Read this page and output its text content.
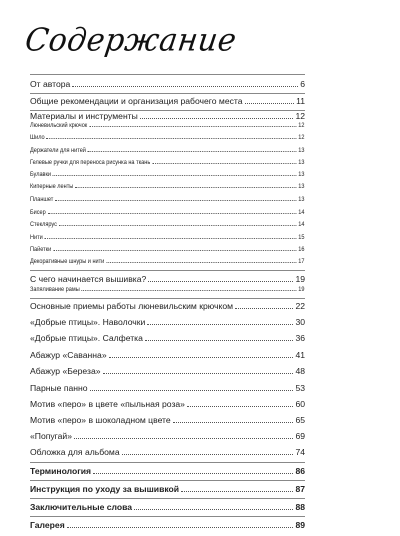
Содержание
От автора	6
Общие рекомендации и организация рабочего места	11
Материалы и инструменты	12
Люневильский крючок	12
Шило	12
Держатели для нитей	13
Гелевые ручки для переноса рисунка на ткань	13
Булавки	13
Киперные ленты	13
Планшет	13
Бисер	14
Стеклярус	14
Нити	15
Пайетки	16
Декоративные шнуры и нити	17
С чего начинается вышивка?	19
Запяливание рамы	19
Основные приемы работы люневильским крючком	22
«Добрые птицы». Наволочки	30
«Добрые птицы». Салфетка	36
Абажур «Саванна»	41
Абажур «Береза»	48
Парные панно	53
Мотив «перо» в цвете «пыльная роза»	60
Мотив «перо» в шоколадном цвете	65
«Попугай»	69
Обложка для альбома	74
Терминология	86
Инструкция по уходу за вышивкой	87
Заключительные слова	88
Галерея	89
